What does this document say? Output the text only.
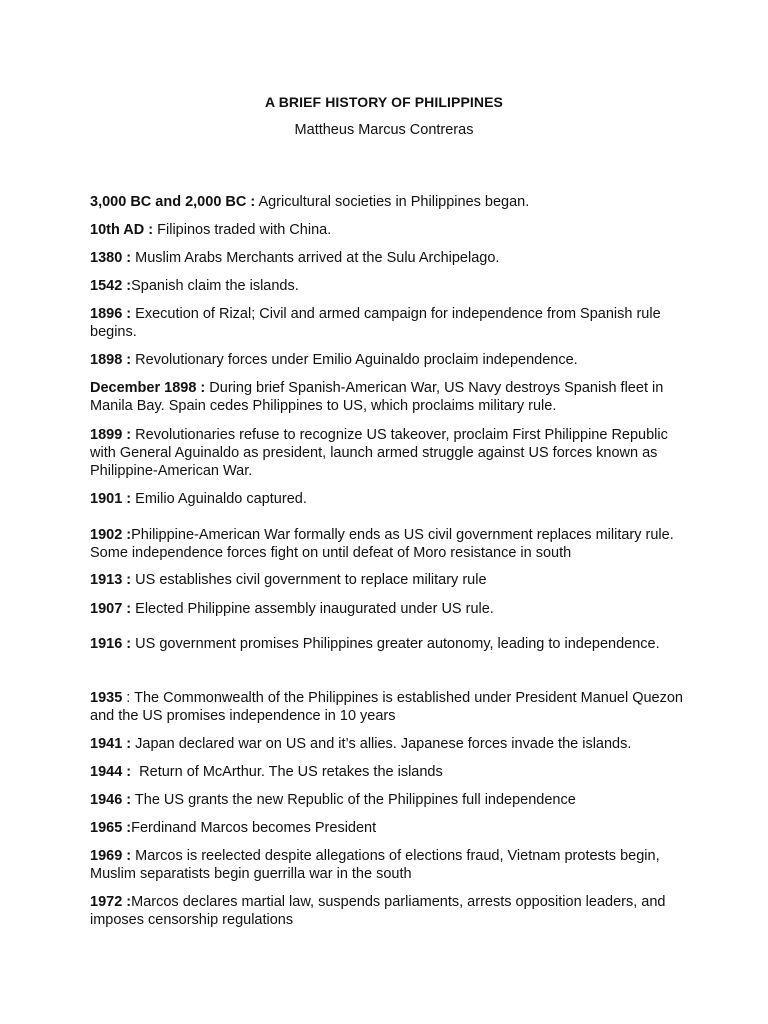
A BRIEF HISTORY OF PHILIPPINES
Mattheus Marcus Contreras

3,000 BC and 2,000 BC : Agricultural societies in Philippines began.

10th AD : Filipinos traded with China.

1380 : Muslim Arabs Merchants arrived at the Sulu Archipelago.

1542 :Spanish claim the islands.

1896 : Execution of Rizal; Civil and armed campaign for independence from Spanish rule begins.

1898 : Revolutionary forces under Emilio Aguinaldo proclaim independence.

December 1898 : During brief Spanish-American War, US Navy destroys Spanish fleet in Manila Bay. Spain cedes Philippines to US, which proclaims military rule.

1899 : Revolutionaries refuse to recognize US takeover, proclaim First Philippine Republic with General Aguinaldo as president, launch armed struggle against US forces known as Philippine-American War.

1901 : Emilio Aguinaldo captured.

1902 :Philippine-American War formally ends as US civil government replaces military rule. Some independence forces fight on until defeat of Moro resistance in south

1913 : US establishes civil government to replace military rule

1907 : Elected Philippine assembly inaugurated under US rule.

1916 : US government promises Philippines greater autonomy, leading to independence.

1935 : The Commonwealth of the Philippines is established under President Manuel Quezon and the US promises independence in 10 years

1941 : Japan declared war on US and it’s allies. Japanese forces invade the islands.

1944 :  Return of McArthur. The US retakes the islands

1946 : The US grants the new Republic of the Philippines full independence

1965 :Ferdinand Marcos becomes President

1969 : Marcos is reelected despite allegations of elections fraud, Vietnam protests begin, Muslim separatists begin guerrilla war in the south

1972 :Marcos declares martial law, suspends parliaments, arrests opposition leaders, and imposes censorship regulations
